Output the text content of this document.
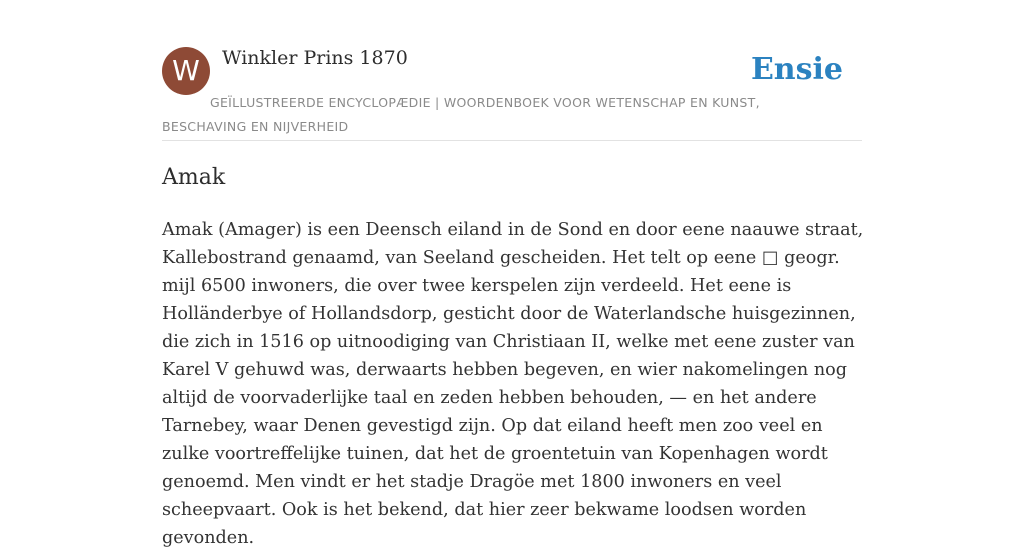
W	Winkler Prins 1870	Ensie
GEÏLLUSTREERDE ENCYCLOPÆDIE | WOORDENBOEK VOOR WETENSCHAP EN KUNST, BESCHAVING EN NIJVERHEID
Amak

Amak (Amager) is een Deensch eiland in de Sond en door eene naauwe straat, Kallebostrand genaamd, van Seeland gescheiden. Het telt op eene □ geogr. mijl 6500 inwoners, die over twee kerspelen zijn verdeeld. Het eene is Holländerbye of Hollandsdorp, gesticht door de Waterlandsche huisgezinnen, die zich in 1516 op uitnoodiging van Christiaan II, welke met eene zuster van Karel V gehuwd was, derwaarts hebben begeven, en wier nakomelingen nog altijd de voorvaderlijke taal en zeden hebben behouden, — en het andere Tarnebey, waar Denen gevestigd zijn. Op dat eiland heeft men zoo veel en zulke voortreffelijke tuinen, dat het de groentetuin van Kopenhagen wordt genoemd. Men vindt er het stadje Dragöe met 1800 inwoners en veel scheepvaart. Ook is het bekend, dat hier zeer bekwame loodsen worden gevonden.
